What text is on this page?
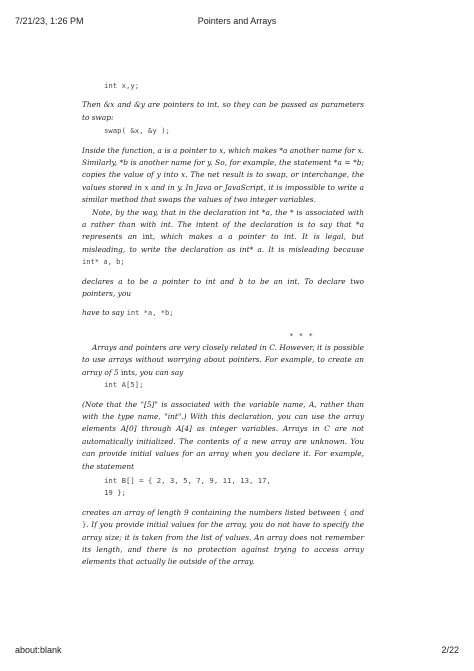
7/21/23, 1:26 PM	Pointers and Arrays
int x,y;
Then &x and &y are pointers to int, so they can be passed as parameters to swap:
swap( &x, &y );
Inside the function, a is a pointer to x, which makes *a another name for x. Similarly, *b is another name for y. So, for example, the statement *a = *b; copies the value of y into x. The net result is to swap, or interchange, the values stored in x and in y. In Java or JavaScript, it is impossible to write a similar method that swaps the values of two integer variables.
Note, by the way, that in the declaration int *a, the * is associated with a rather than with int. The intent of the declaration is to say that *a represents an int, which makes a a pointer to int. It is legal, but misleading, to write the declaration as int* a. It is misleading because int* a, b;
declares a to be a pointer to int and b to be an int. To declare two pointers, you
have to say int *a, *b;
* * *
Arrays and pointers are very closely related in C. However, it is possible to use arrays without worrying about pointers. For example, to create an array of 5 ints, you can say
int A[5];
(Note that the "[5]" is associated with the variable name, A, rather than with the type name, "int".) With this declaration, you can use the array elements A[0] through A[4] as integer variables. Arrays in C are not automatically initialized. The contents of a new array are unknown. You can provide initial values for an array when you declare it. For example, the statement
int B[] = { 2, 3, 5, 7, 9, 11, 13, 17,
19 };
creates an array of length 9 containing the numbers listed between { and }. If you provide initial values for the array, you do not have to specify the array size; it is taken from the list of values. An array does not remember its length, and there is no protection against trying to access array elements that actually lie outside of the array.
about:blank	2/22
